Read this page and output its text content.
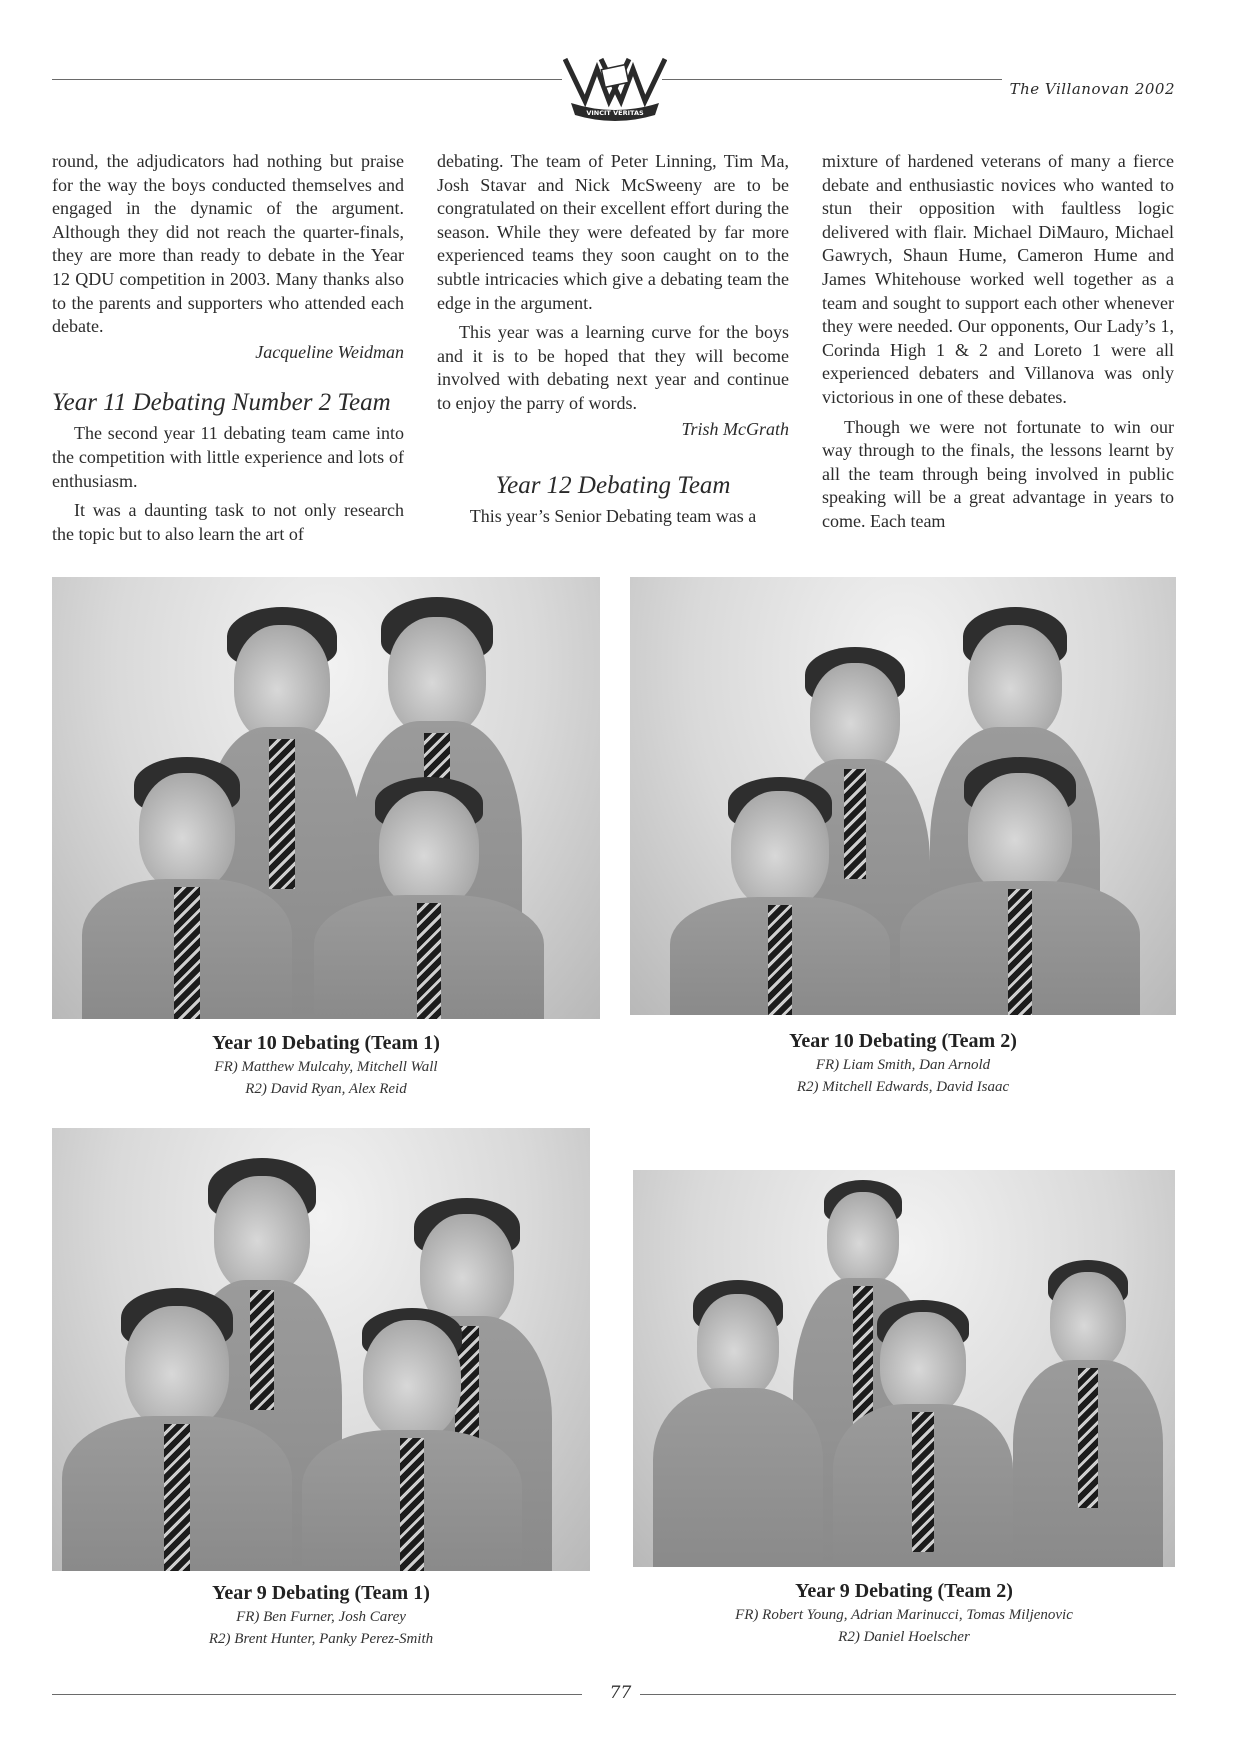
VINCIT VERITAS
The Villanovan 2002

round, the adjudicators had nothing but praise for the way the boys conducted themselves and engaged in the dynamic of the argument. Although they did not reach the quarter-finals, they are more than ready to debate in the Year 12 QDU competition in 2003. Many thanks also to the parents and supporters who attended each debate.

Jacqueline Weidman
Year 11 Debating Number 2 Team

The second year 11 debating team came into the competition with little experience and lots of enthusiasm.

It was a daunting task to not only research the topic but to also learn the art of

debating. The team of Peter Linning, Tim Ma, Josh Stavar and Nick McSweeny are to be congratulated on their excellent effort during the season. While they were defeated by far more experienced teams they soon caught on to the subtle intricacies which give a debating team the edge in the argument.

This year was a learning curve for the boys and it is to be hoped that they will become involved with debating next year and continue to enjoy the parry of words.

Trish McGrath
Year 12 Debating Team

This year’s Senior Debating team was a

mixture of hardened veterans of many a fierce debate and enthusiastic novices who wanted to stun their opposition with faultless logic delivered with flair. Michael DiMauro, Michael Gawrych, Shaun Hume, Cameron Hume and James Whitehouse worked well together as a team and sought to support each other whenever they were needed. Our opponents, Our Lady’s 1, Corinda High 1 & 2 and Loreto 1 were all experienced debaters and Villanova was only victorious in one of these debates.

Though we were not fortunate to win our way through to the finals, the lessons learnt by all the team through being involved in public speaking will be a great advantage in years to come. Each team

Year 10 Debating (Team 1)
FR) Matthew Mulcahy, Mitchell Wall
R2) David Ryan, Alex Reid
Year 10 Debating (Team 2)
FR) Liam Smith, Dan Arnold
R2) Mitchell Edwards, David Isaac
Year 9 Debating (Team 1)
FR) Ben Furner, Josh Carey
R2) Brent Hunter, Panky Perez-Smith
Year 9 Debating (Team 2)
FR) Robert Young, Adrian Marinucci, Tomas Miljenovic
R2) Daniel Hoelscher
77
